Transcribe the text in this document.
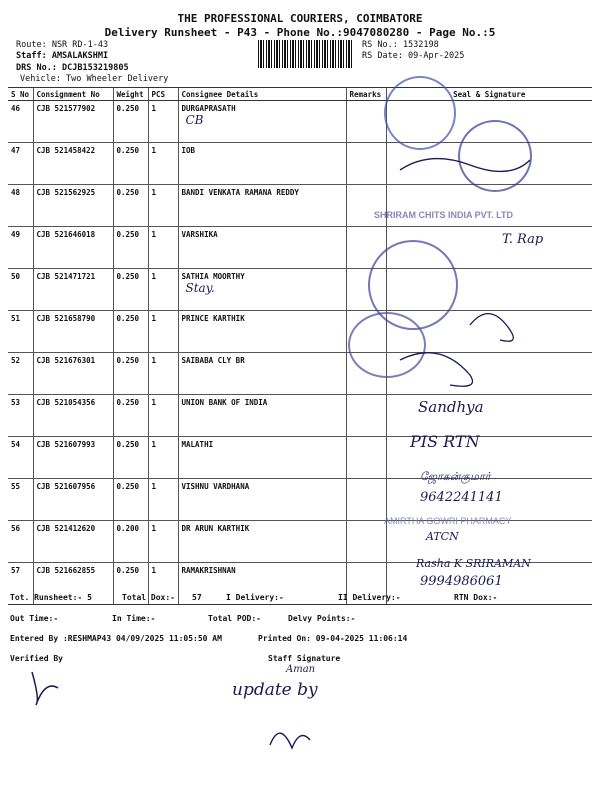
THE PROFESSIONAL COURIERS, COIMBATORE
Delivery Runsheet - P43 - Phone No.:9047080280 - Page No.:5
Route: NSR RD-1-43
Staff: AMSALAKSHMI
DRS No.: DCJB153219805
Vehicle: Two Wheeler Delivery
RS No.: 1532198
RS Date: 09-Apr-2025
S No	Consignment No	Weight	PCS	Consignee Details	Remarks	Seal & Signature
46	CJB 521577902	0.250	1	DURGAPRASATH
CB		

47	CJB 521458422	0.250	1	IOB		
48	CJB 521562925	0.250	1	BANDI VENKATA RAMANA REDDY		
49	CJB 521646018	0.250	1	VARSHIKA		
50	CJB 521471721	0.250	1	SATHIA MOORTHY
Stay.		

51	CJB 521658790	0.250	1	PRINCE KARTHIK		
52	CJB 521676301	0.250	1	SAIBABA CLY BR		
53	CJB 521054356	0.250	1	UNION BANK OF INDIA		
54	CJB 521607993	0.250	1	MALATHI		
55	CJB 521607956	0.250	1	VISHNU VARDHANA		
56	CJB 521412620	0.200	1	DR ARUN KARTHIK		
57	CJB 521662855	0.250	1	RAMAKRISHNAN		
SHRIRAM CHITS INDIA PVT. LTD
T. Rap
Sandhya
PIS RTN
ஜோகன்குமார்
9642241141
AMIRTHA GOWRI PHARMACY
ATCN
Rasha K SRIRAMAN
9994986061
Tot. Runsheet:- 5	Total Dox:- 57	I Delivery:-	II Delivery:-	RTN Dox:-
Out Time:-	In Time:-	Total POD:-	Delvy Points:-
Entered By :RESHMAP43 04/09/2025 11:05:50 AM	Printed On: 09-04-2025 11:06:14
Verified By	Staff Signature
Aman
update by
